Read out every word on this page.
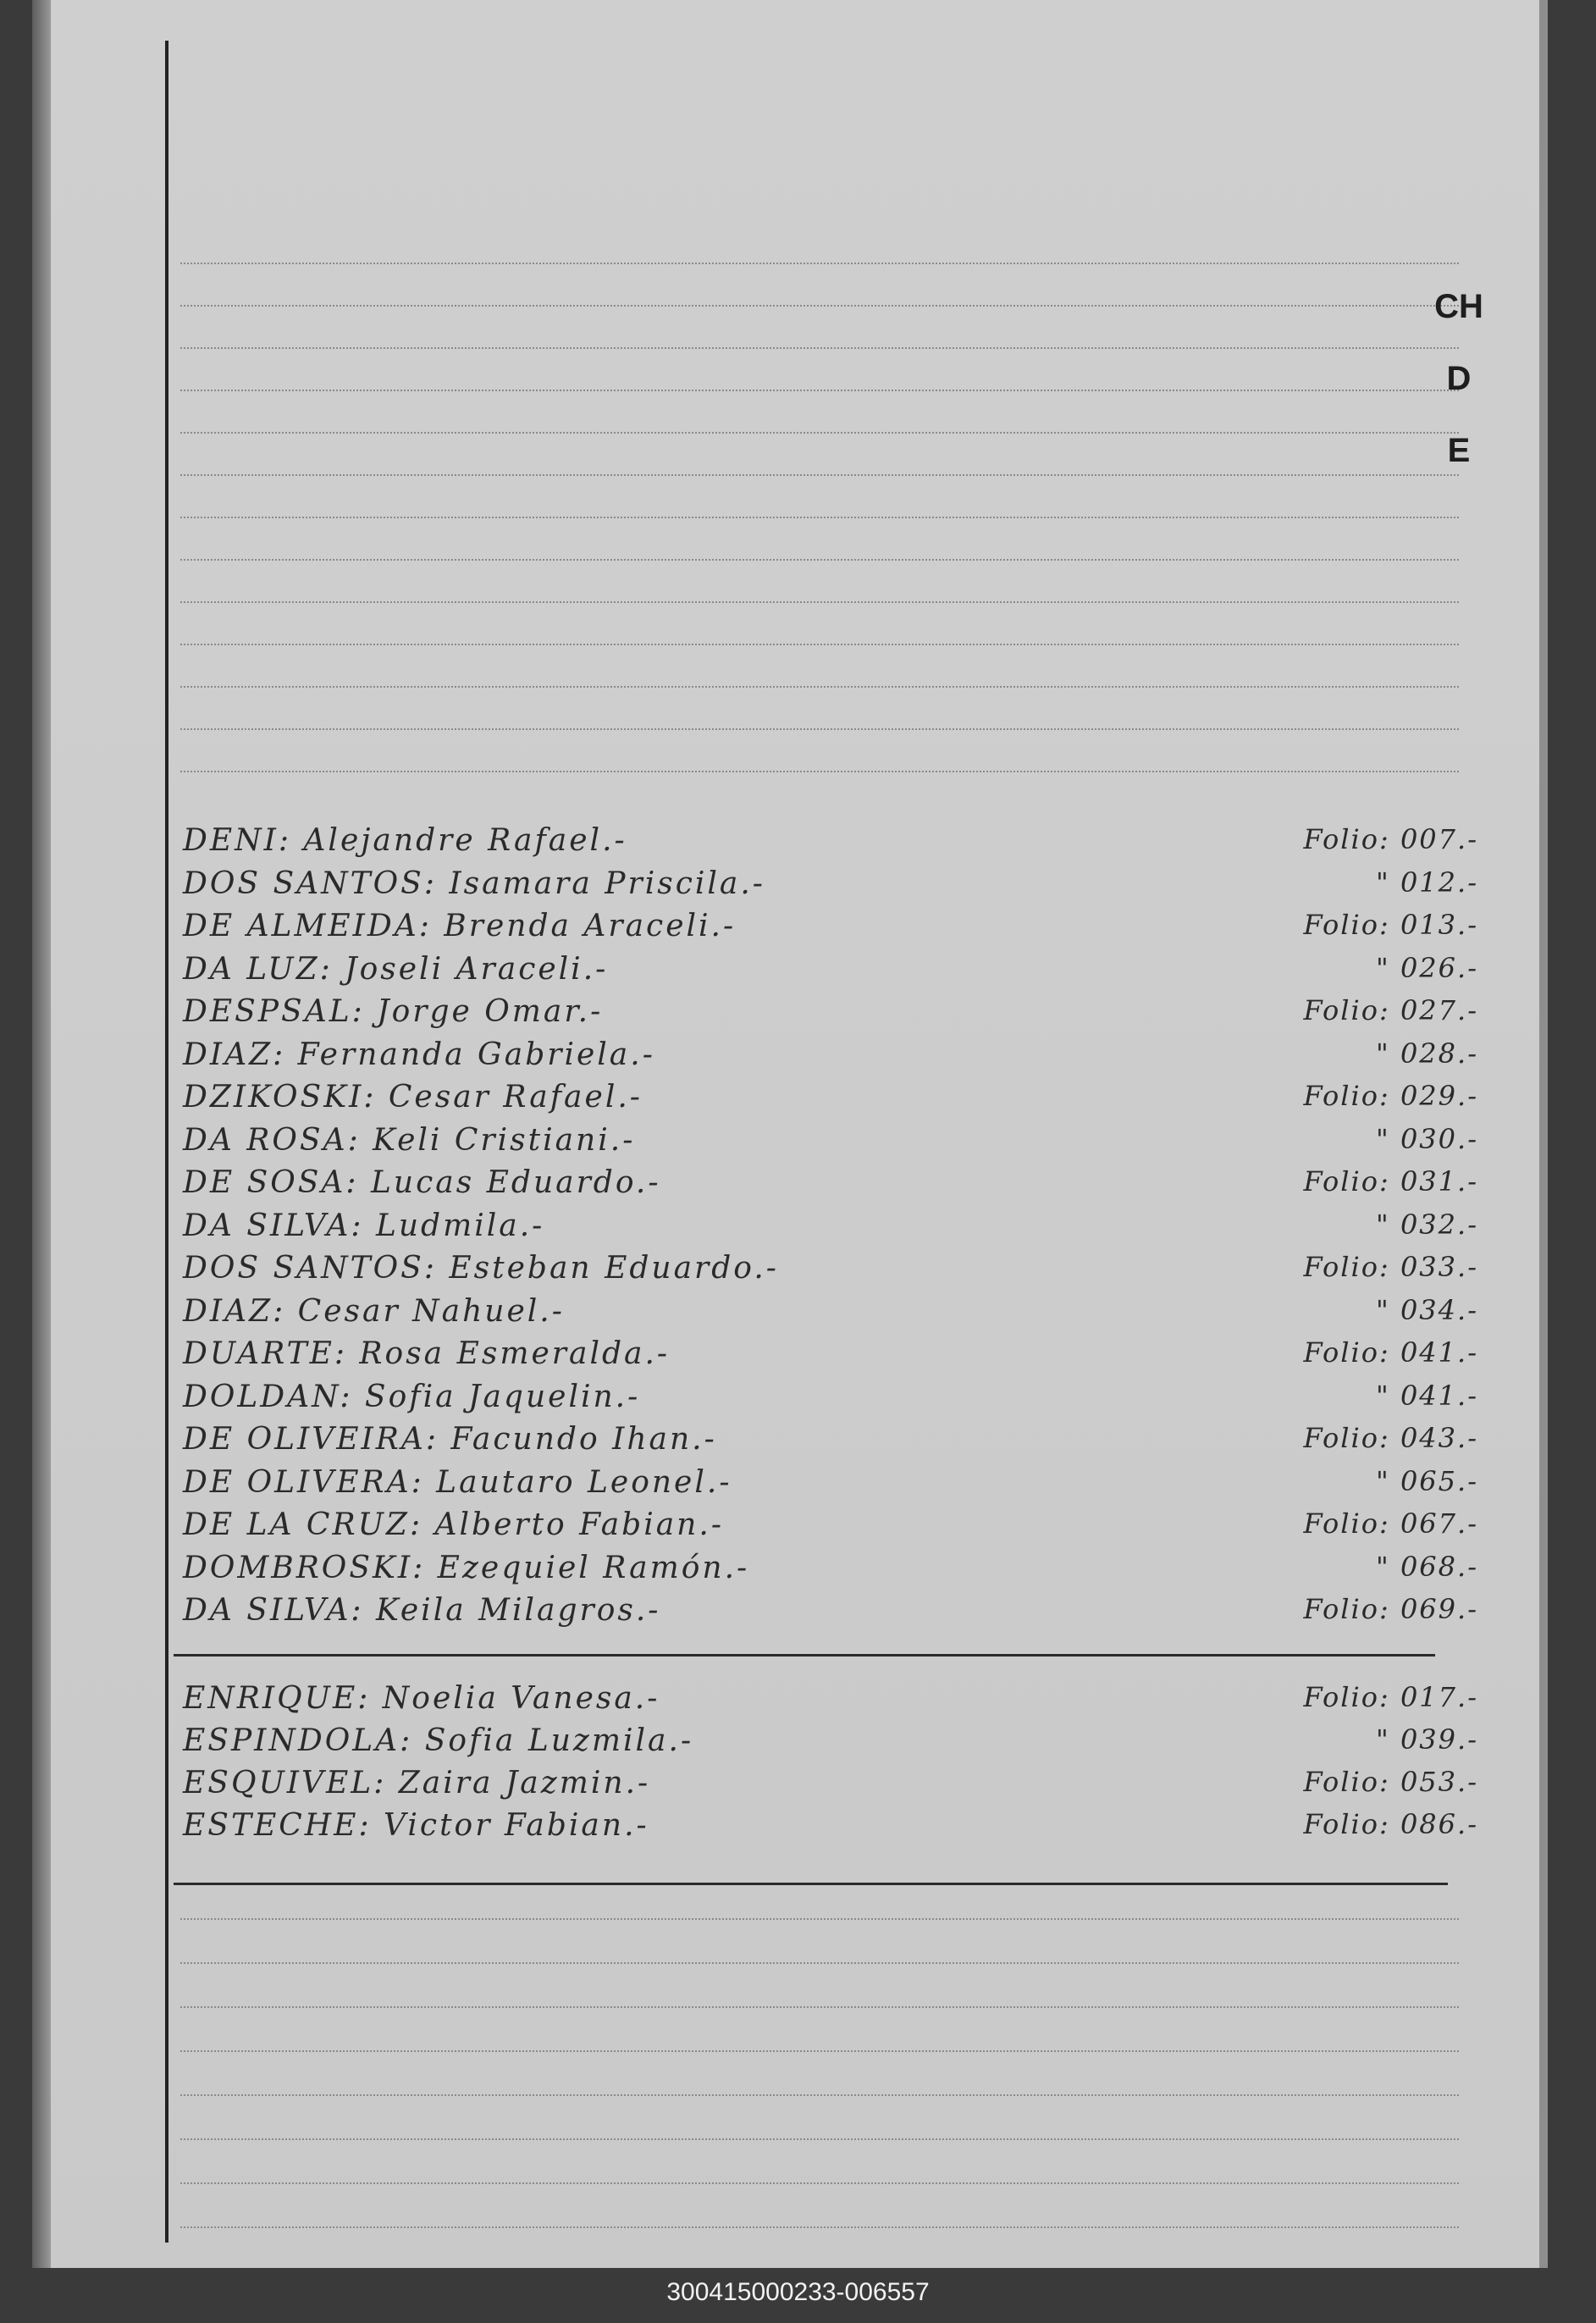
CH
D
E
DENI: Alejandre Rafael.-	Folio: 007.-
DOS SANTOS: Isamara Priscila.-	" 012.-
DE ALMEIDA: Brenda Araceli.-	Folio: 013.-
DA LUZ: Joseli Araceli.-	" 026.-
DESPSAL: Jorge Omar.-	Folio: 027.-
DIAZ: Fernanda Gabriela.-	" 028.-
DZIKOSKI: Cesar Rafael.-	Folio: 029.-
DA ROSA: Keli Cristiani.-	" 030.-
DE SOSA: Lucas Eduardo.-	Folio: 031.-
DA SILVA: Ludmila.-	" 032.-
DOS SANTOS: Esteban Eduardo.-	Folio: 033.-
DIAZ: Cesar Nahuel.-	" 034.-
DUARTE: Rosa Esmeralda.-	Folio: 041.-
DOLDAN: Sofia Jaquelin.-	" 041.-
DE OLIVEIRA: Facundo Ihan.-	Folio: 043.-
DE OLIVERA: Lautaro Leonel.-	" 065.-
DE LA CRUZ: Alberto Fabian.-	Folio: 067.-
DOMBROSKI: Ezequiel Ramón.-	" 068.-
DA SILVA: Keila Milagros.-	Folio: 069.-
ENRIQUE: Noelia Vanesa.-	Folio: 017.-
ESPINDOLA: Sofia Luzmila.-	" 039.-
ESQUIVEL: Zaira Jazmin.-	Folio: 053.-
ESTECHE: Victor Fabian.-	Folio: 086.-
300415000233-006557
